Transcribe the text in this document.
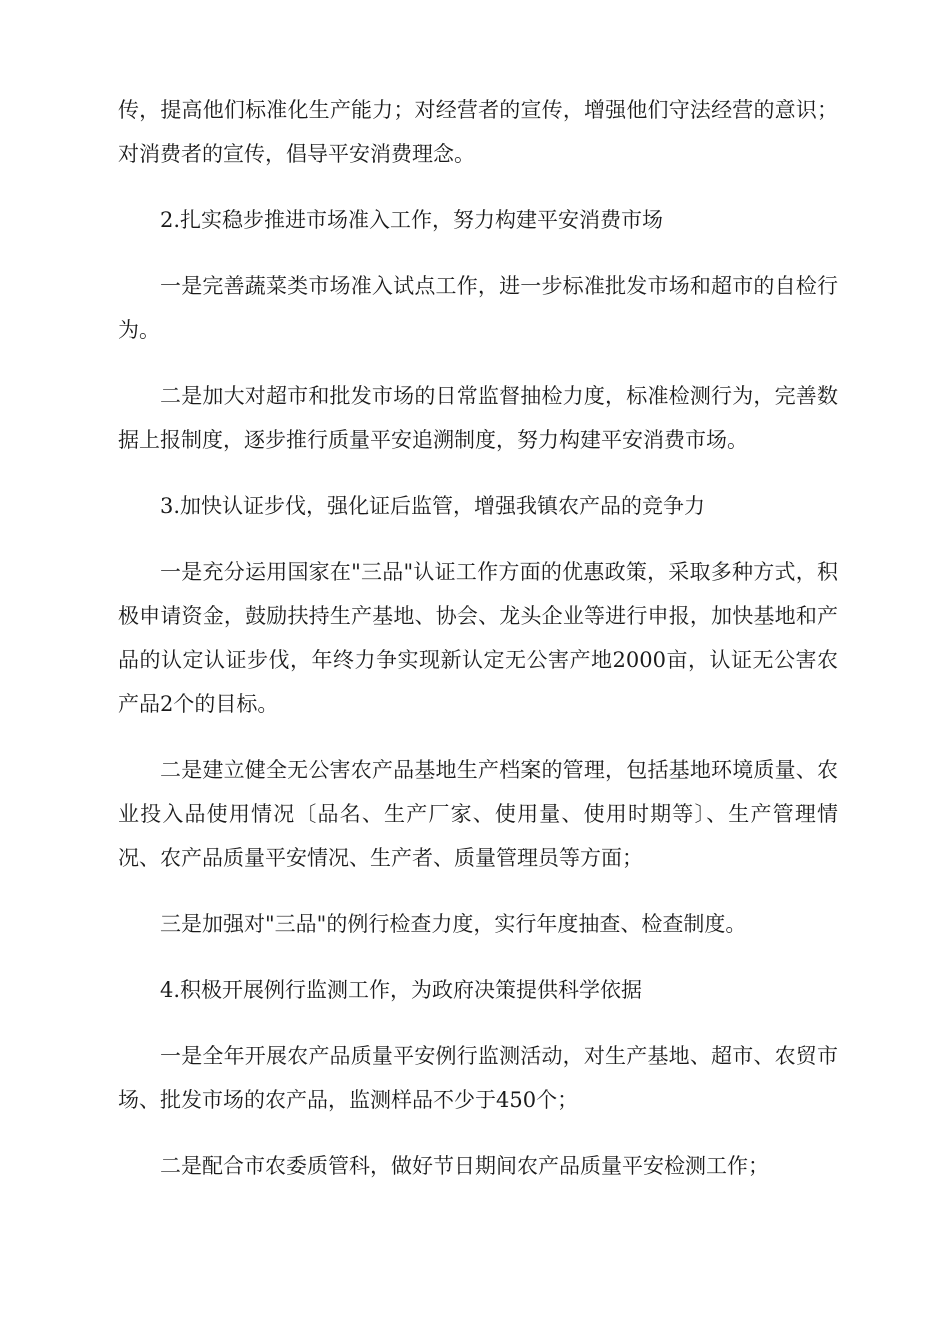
传，提高他们标准化生产能力；对经营者的宣传，增强他们守法经营的意识；对消费者的宣传，倡导平安消费理念。

2.扎实稳步推进市场准入工作，努力构建平安消费市场

一是完善蔬菜类市场准入试点工作，进一步标准批发市场和超市的自检行为。

二是加大对超市和批发市场的日常监督抽检力度，标准检测行为，完善数据上报制度，逐步推行质量平安追溯制度，努力构建平安消费市场。

3.加快认证步伐，强化证后监管，增强我镇农产品的竞争力

一是充分运用国家在"三品"认证工作方面的优惠政策，采取多种方式，积极申请资金，鼓励扶持生产基地、协会、龙头企业等进行申报，加快基地和产品的认定认证步伐，年终力争实现新认定无公害产地2000亩，认证无公害农产品2个的目标。

二是建立健全无公害农产品基地生产档案的管理，包括基地环境质量、农业投入品使用情况〔品名、生产厂家、使用量、使用时期等〕、生产管理情况、农产品质量平安情况、生产者、质量管理员等方面；

三是加强对"三品"的例行检查力度，实行年度抽查、检查制度。

4.积极开展例行监测工作，为政府决策提供科学依据

一是全年开展农产品质量平安例行监测活动，对生产基地、超市、农贸市场、批发市场的农产品，监测样品不少于450个；

二是配合市农委质管科，做好节日期间农产品质量平安检测工作；
